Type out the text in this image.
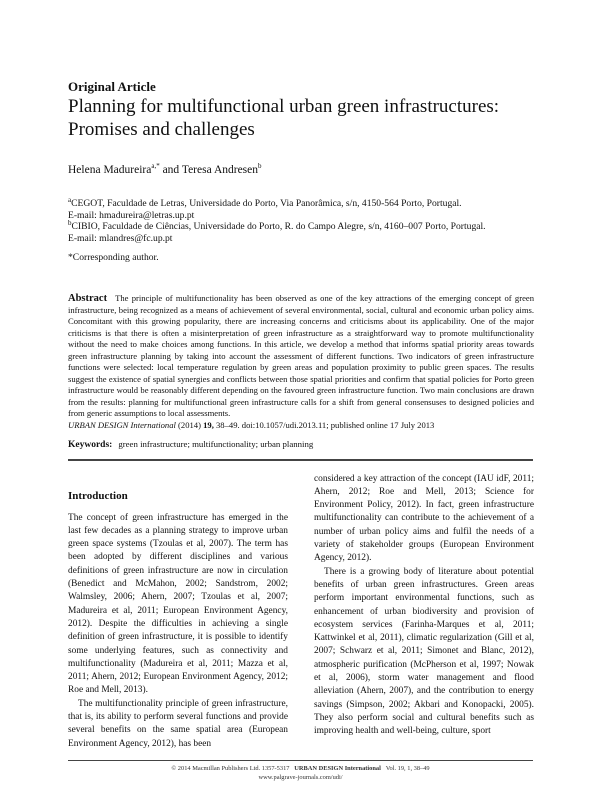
Original Article
Planning for multifunctional urban green infrastructures: Promises and challenges
Helena Madureira$^{a,*}$ and Teresa Andresen$^b$
$^a$CEGOT, Faculdade de Letras, Universidade do Porto, Via Panorâmica, s/n, 4150-564 Porto, Portugal.
E-mail: hmadureira@letras.up.pt
$^b$CIBIO, Faculdade de Ciências, Universidade do Porto, R. do Campo Alegre, s/n, 4160–007 Porto, Portugal.
E-mail: mlandres@fc.up.pt
*Corresponding author.
Abstract The principle of multifunctionality has been observed as one of the key attractions of the emerging concept of green infrastructure, being recognized as a means of achievement of several environmental, social, cultural and economic urban policy aims. Concomitant with this growing popularity, there are increasing concerns and criticisms about its applicability. One of the major criticisms is that there is often a misinterpretation of green infrastructure as a straightforward way to promote multifunctionality without the need to make choices among functions. In this article, we develop a method that informs spatial priority areas towards green infrastructure planning by taking into account the assessment of different functions. Two indicators of green infrastructure functions were selected: local temperature regulation by green areas and population proximity to public green spaces. The results suggest the existence of spatial synergies and conflicts between those spatial priorities and confirm that spatial policies for Porto green infrastructure would be reasonably different depending on the favoured green infrastructure function. Two main conclusions are drawn from the results: planning for multifunctional green infrastructure calls for a shift from general consensuses to designed policies and from generic assumptions to local assessments.
URBAN DESIGN International (2014) 19, 38–49. doi:10.1057/udi.2013.11; published online 17 July 2013
Keywords: green infrastructure; multifunctionality; urban planning
Introduction

The concept of green infrastructure has emerged in the last few decades as a planning strategy to improve urban green space systems (Tzoulas et al, 2007). The term has been adopted by different disciplines and various definitions of green infrastructure are now in circulation (Benedict and McMahon, 2002; Sandstrom, 2002; Walmsley, 2006; Ahern, 2007; Tzoulas et al, 2007; Madureira et al, 2011; European Environment Agency, 2012). Despite the difficulties in achieving a single definition of green infrastructure, it is possible to identify some underlying features, such as connectivity and multifunctionality (Madureira et al, 2011; Mazza et al, 2011; Ahern, 2012; European Environment Agency, 2012; Roe and Mell, 2013).

The multifunctionality principle of green infrastructure, that is, its ability to perform several functions and provide several benefits on the same spatial area (European Environment Agency, 2012), has been

considered a key attraction of the concept (IAU idF, 2011; Ahern, 2012; Roe and Mell, 2013; Science for Environment Policy, 2012). In fact, green infrastructure multifunctionality can contribute to the achievement of a number of urban policy aims and fulfil the needs of a variety of stakeholder groups (European Environment Agency, 2012).

There is a growing body of literature about potential benefits of urban green infrastructures. Green areas perform important environmental functions, such as enhancement of urban biodiversity and provision of ecosystem services (Farinha-Marques et al, 2011; Kattwinkel et al, 2011), climatic regularization (Gill et al, 2007; Schwarz et al, 2011; Simonet and Blanc, 2012), atmospheric purification (McPherson et al, 1997; Nowak et al, 2006), storm water management and flood alleviation (Ahern, 2007), and the contribution to energy savings (Simpson, 2002; Akbari and Konopacki, 2005). They also perform social and cultural benefits such as improving health and well-being, culture, sport

© 2014 Macmillan Publishers Ltd. 1357-5317 URBAN DESIGN International Vol. 19, 1, 38–49
www.palgrave-journals.com/udi/
